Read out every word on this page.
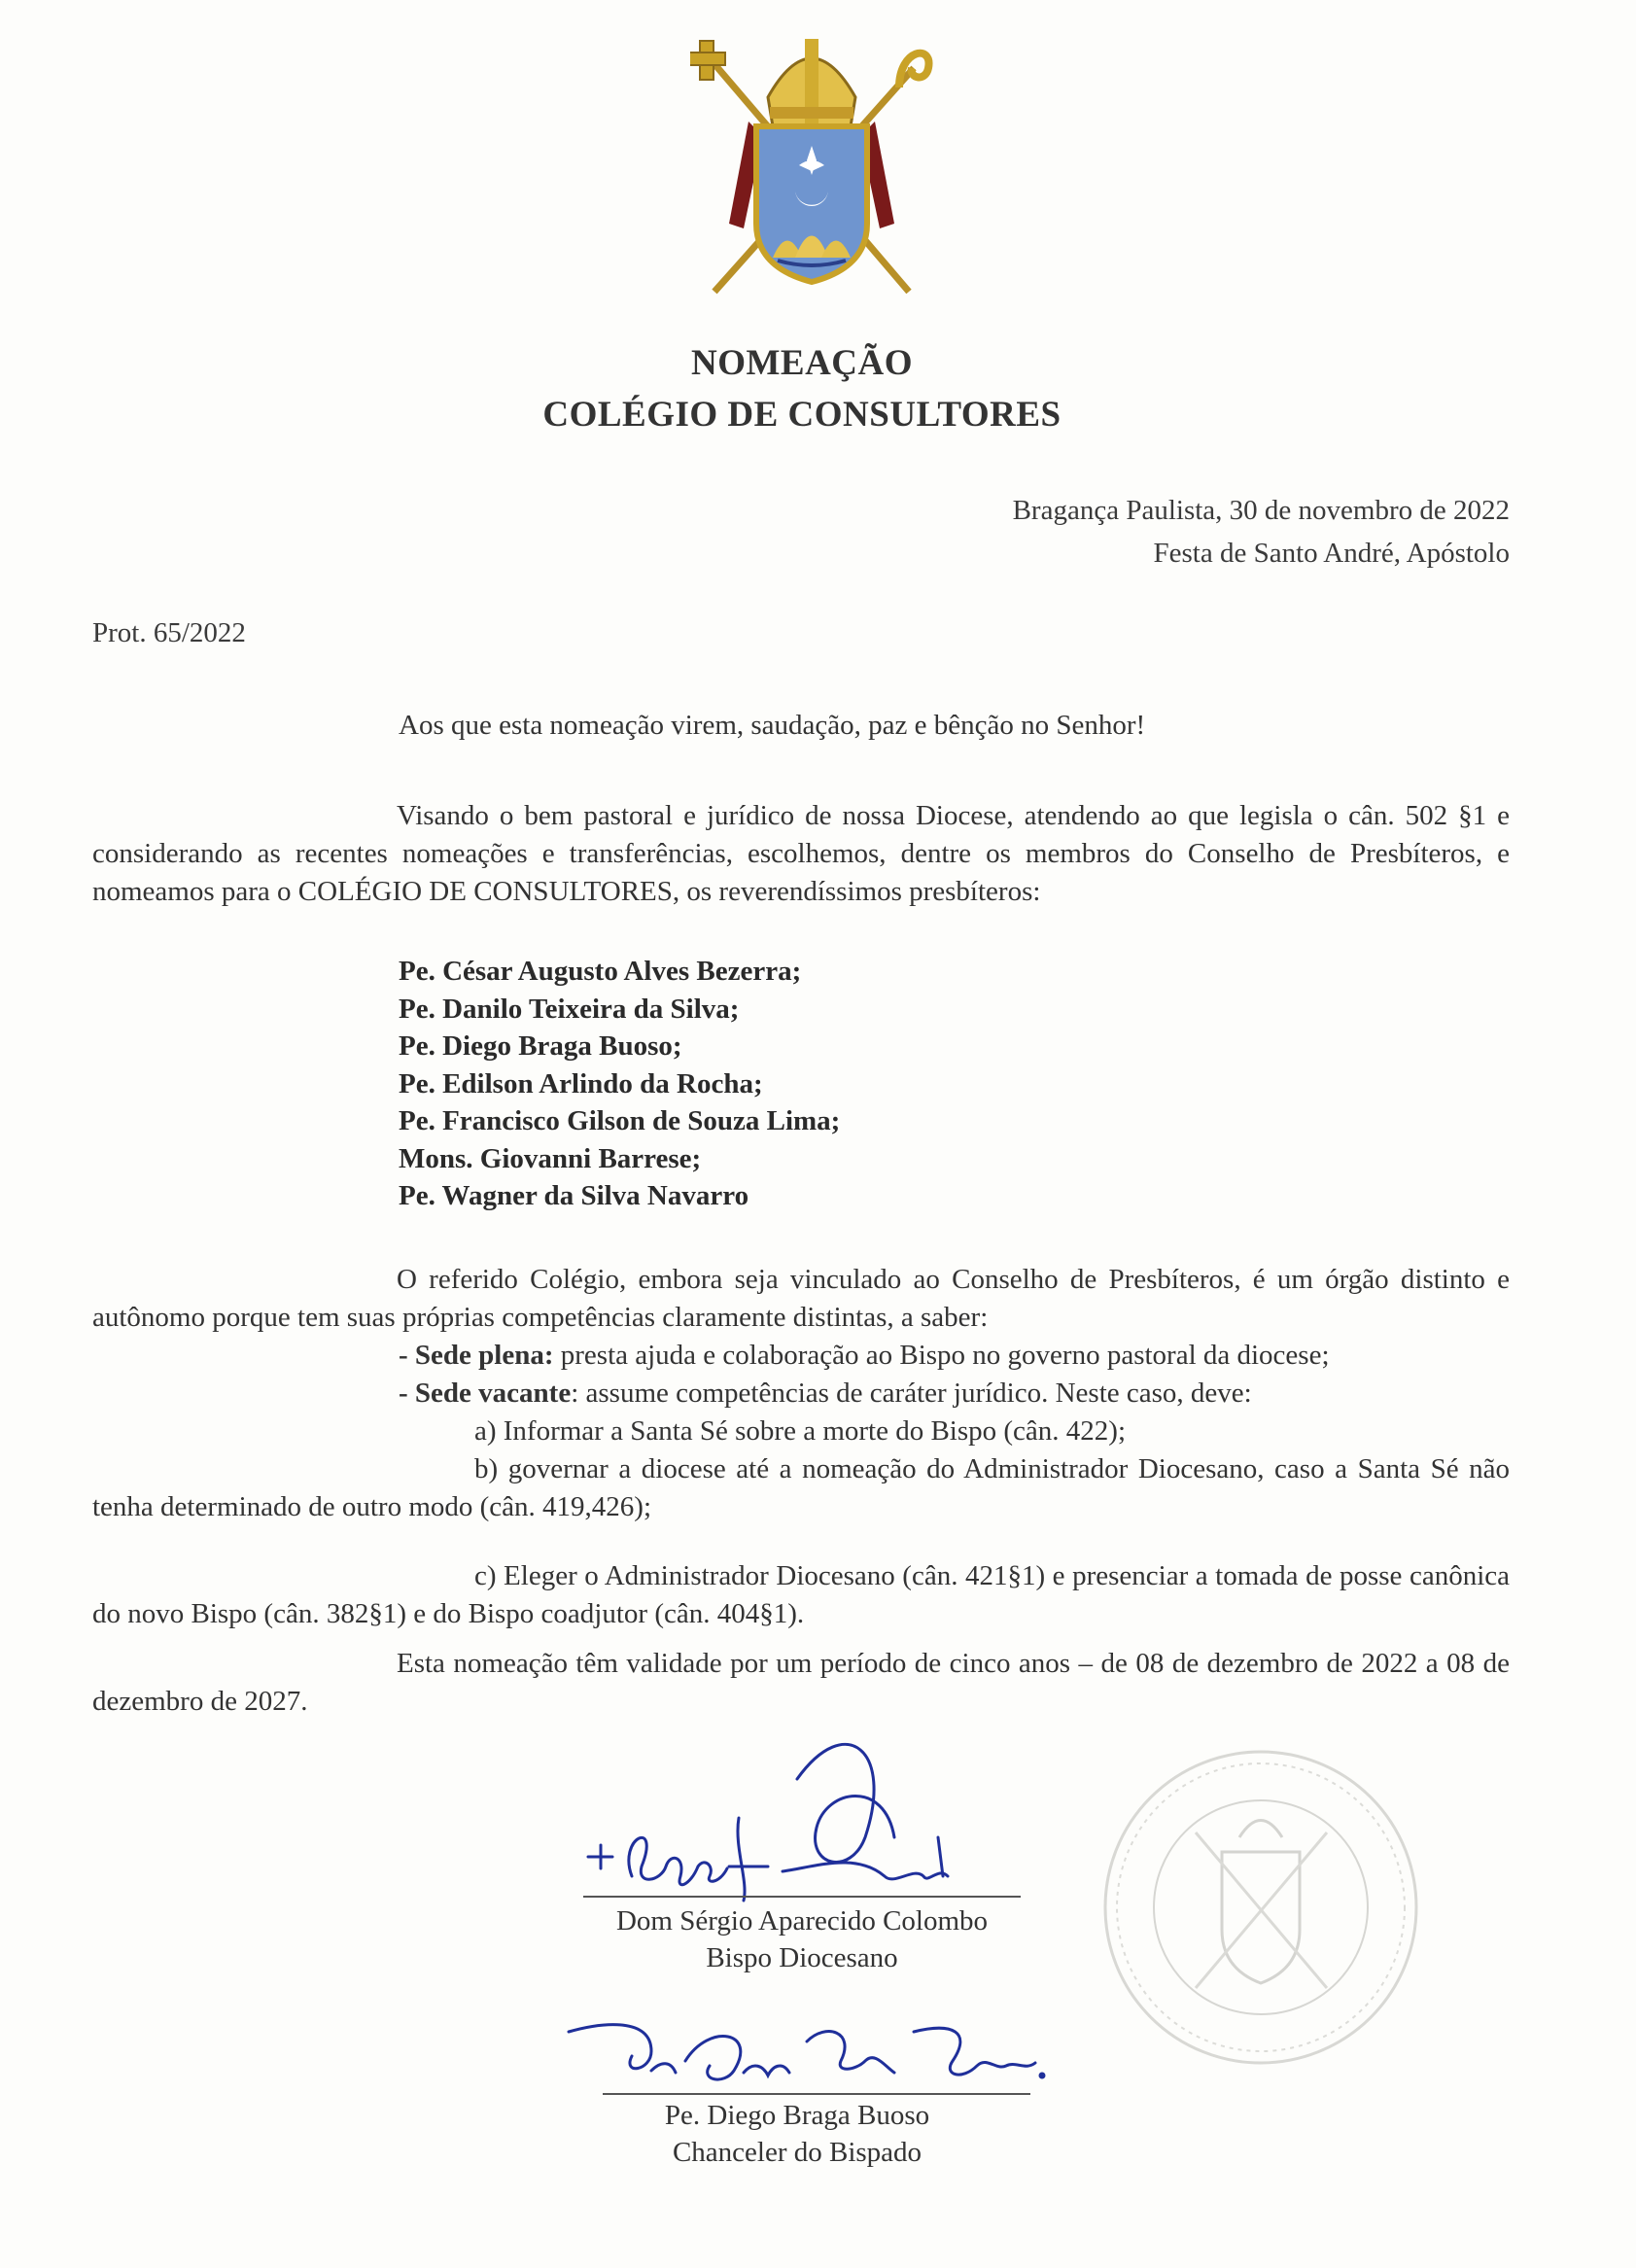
NOMEAÇÃO
COLÉGIO DE CONSULTORES
Bragança Paulista, 30 de novembro de 2022
Festa de Santo André, Apóstolo
Prot. 65/2022
Aos que esta nomeação virem, saudação, paz e bênção no Senhor!
Visando o bem pastoral e jurídico de nossa Diocese, atendendo ao que legisla o cân. 502 §1 e considerando as recentes nomeações e transferências, escolhemos, dentre os membros do Conselho de Presbíteros, e nomeamos para o COLÉGIO DE CONSULTORES, os reverendíssimos presbíteros:
Pe. César Augusto Alves Bezerra;
Pe. Danilo Teixeira da Silva;
Pe. Diego Braga Buoso;
Pe. Edilson Arlindo da Rocha;
Pe. Francisco Gilson de Souza Lima;
Mons. Giovanni Barrese;
Pe. Wagner da Silva Navarro
O referido Colégio, embora seja vinculado ao Conselho de Presbíteros, é um órgão distinto e autônomo porque tem suas próprias competências claramente distintas, a saber:
- Sede plena: presta ajuda e colaboração ao Bispo no governo pastoral da diocese;
- Sede vacante: assume competências de caráter jurídico. Neste caso, deve:
a) Informar a Santa Sé sobre a morte do Bispo (cân. 422);
b) governar a diocese até a nomeação do Administrador Diocesano, caso a Santa Sé não tenha determinado de outro modo (cân. 419,426);
c) Eleger o Administrador Diocesano (cân. 421§1) e presenciar a tomada de posse canônica do novo Bispo (cân. 382§1) e do Bispo coadjutor (cân. 404§1).
Esta nomeação têm validade por um período de cinco anos – de 08 de dezembro de 2022 a 08 de dezembro de 2027.
Dom Sérgio Aparecido Colombo
Bispo Diocesano
Pe. Diego Braga Buoso
Chanceler do Bispado
